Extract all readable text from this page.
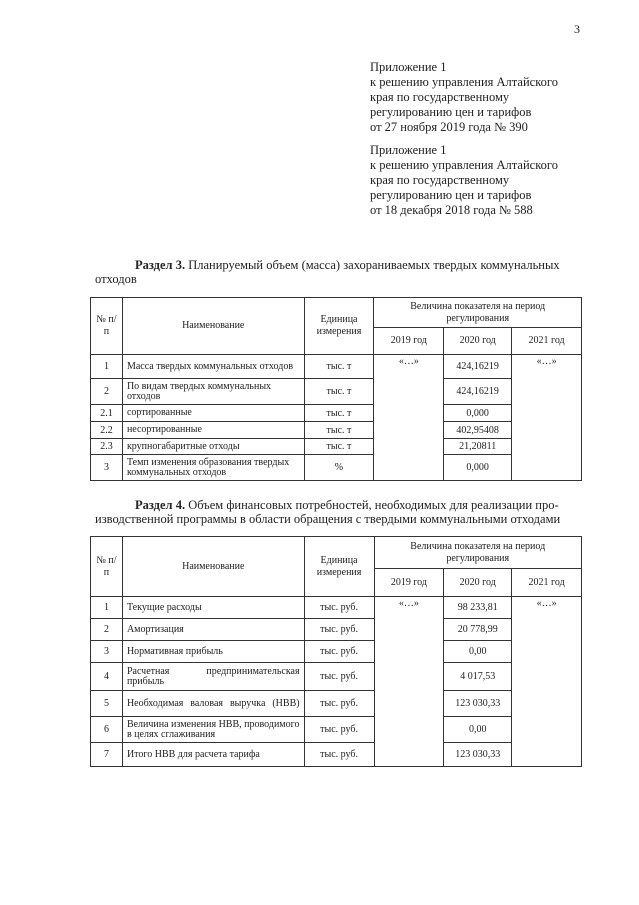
3
Приложение 1
к решению управления Алтайского
края по государственному
регулированию цен и тарифов
от 27 ноября 2019 года № 390
Приложение 1
к решению управления Алтайского
края по государственному
регулированию цен и тарифов
от 18 декабря 2018 года № 588
Раздел 3. Планируемый объем (масса) захораниваемых твердых коммунальных
отходов
№ п/п	Наименование	Единица измерения	Величина показателя на период регулирования		
			2019 год	2020 год	2021 год
1	Масса твердых коммунальных отходов	тыс. т	«…»	424,16219	«…»
2	По видам твердых коммунальных отходов	тыс. т		424,16219	
2.1	сортированные	тыс. т		0,000	
2.2	несортированные	тыс. т		402,95408	
2.3	крупногабаритные отходы	тыс. т		21,20811	
3	Темп изменения образования твердых коммунальных отходов	%		0,000	
Раздел 4. Объем финансовых потребностей, необходимых для реализации про-
изводственной программы в области обращения с твердыми коммунальными отходами
№ п/п	Наименование	Единица измерения	Величина показателя на период регулирования		
			2019 год	2020 год	2021 год
1	Текущие расходы	тыс. руб.	«…»	98 233,81	«…»
2	Амортизация	тыс. руб.		20 778,99	
3	Нормативная прибыль	тыс. руб.		0,00	
4	Расчетная предпринимательская прибыль	тыс. руб.		4 017,53	
5	Необходимая валовая выручка (НВВ)	тыс. руб.		123 030,33	
6	Величина изменения НВВ, проводимого в целях сглаживания	тыс. руб.		0,00	
7	Итого НВВ для расчета тарифа	тыс. руб.		123 030,33	
